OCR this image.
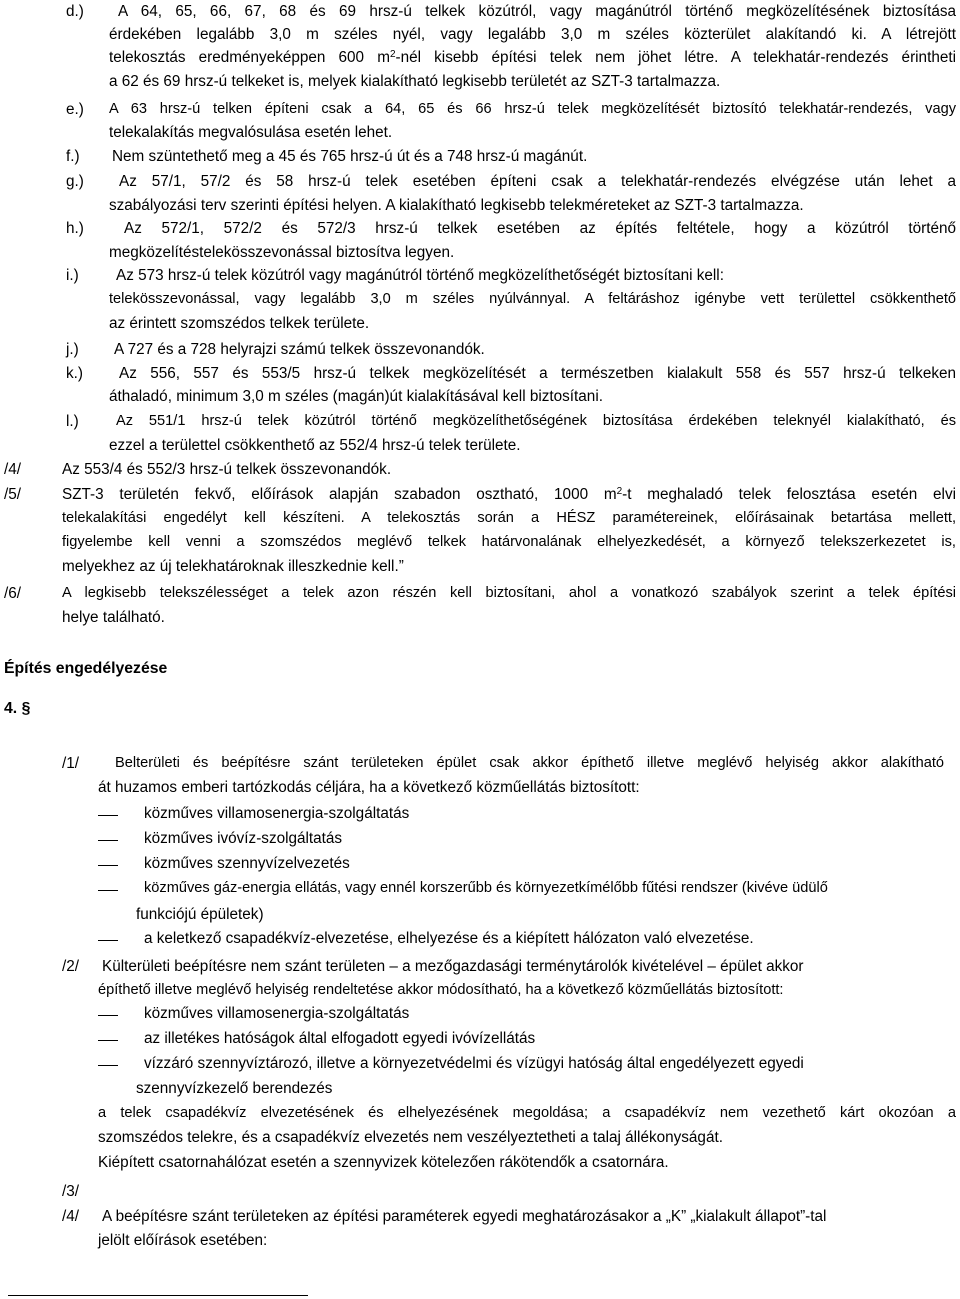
d.) A 64, 65, 66, 67, 68 és 69 hrsz-ú telkek közútról, vagy magánútról történő megközelítésének biztosítása
érdekében legalább 3,0 m széles nyél, vagy legalább 3,0 m széles közterület alakítandó ki. A létrejött
telekosztás eredményeképpen 600 $m^2$-nél kisebb építési telek nem jöhet létre. A telekhatár-rendezés érintheti
a 62 és 69 hrsz-ú telkeket is, melyek kialakítható legkisebb területét az SZT-3 tartalmazza.
e.) A 63 hrsz-ú telken építeni csak a 64, 65 és 66 hrsz-ú telek megközelítését biztosító telekhatár-rendezés, vagy
telekalakítás megvalósulása esetén lehet.
f.) Nem szüntethető meg a 45 és 765 hrsz-ú út és a 748 hrsz-ú magánút.
g.) Az 57/1, 57/2 és 58 hrsz-ú telek esetében építeni csak a telekhatár-rendezés elvégzése után lehet a
szabályozási terv szerinti építési helyen. A kialakítható legkisebb telekméreteket az SZT-3 tartalmazza.
h.)	Az 572/1, 572/2 és 572/3 hrsz-ú telkek esetében az építés feltétele, hogy a közútról történő
megközelítéstelekösszevonással biztosítva legyen.
i.) Az 573 hrsz-ú telek közútról vagy magánútról történő megközelíthetőségét biztosítani kell:
telekösszevonással, vagy legalább 3,0 m széles nyúlvánnyal. A feltáráshoz igénybe vett területtel csökkenthető
az érintett szomszédos telkek területe.
j.) A 727 és a 728 helyrajzi számú telkek összevonandók.
k.) Az 556, 557 és 553/5 hrsz-ú telkek megközelítését a természetben kialakult 558 és 557 hrsz-ú telkeken
áthaladó, minimum 3,0 m széles (magán)út kialakításával kell biztosítani.
l.)	Az 551/1 hrsz-ú telek közútról történő megközelíthetőségének biztosítása érdekében teleknyél kialakítható, és
ezzel a területtel csökkenthető az 552/4 hrsz-ú telek területe.
/4/	Az 553/4 és 552/3 hrsz-ú telkek összevonandók.
/5/	SZT-3 területén fekvő, előírások alapján szabadon osztható, 1000 $m^2-t$ meghaladó telek felosztása esetén elvi
telekalakítási engedélyt kell készíteni. A telekosztás során a HÉSZ paramétereinek, előírásainak betartása mellett,
figyelembe kell venni a szomszédos meglévő telkek határvonalának elhelyezkedését, a környező telekszerkezetet is,
melyekhez az új telekhatároknak illeszkednie kell.”
/6/	A legkisebb telekszélességet a telek azon részén kell biztosítani, ahol a vonatkozó szabályok szerint a telek építési
helye található.
Építés engedélyezése
4. §
/1/ Belterületi és beépítésre szánt területeken épület csak akkor építhető illetve meglévő helyiség akkor alakítható
át huzamos emberi tartózkodás céljára, ha a következő közműellátás biztosított:
közműves villamosenergia-szolgáltatás
közműves ivóvíz-szolgáltatás
közműves szennyvízelvezetés
közműves gáz-energia ellátás, vagy ennél korszerűbb és környezetkímélőbb fűtési rendszer (kivéve üdülő
funkciójú épületek)
a keletkező csapadékvíz-elvezetése, elhelyezése és a kiépített hálózaton való elvezetése.
/2/ Külterületi beépítésre nem szánt területen – a mezőgazdasági terménytárolók kivételével – épület akkor
építhető illetve meglévő helyiség rendeltetése akkor módosítható, ha a következő közműellátás biztosított:
közműves villamosenergia-szolgáltatás
az illetékes hatóságok által elfogadott egyedi ivóvízellátás
vízzáró szennyvíztározó, illetve a környezetvédelmi és vízügyi hatóság által engedélyezett egyedi
szennyvízkezelő berendezés
a telek csapadékvíz elvezetésének és elhelyezésének megoldása; a csapadékvíz nem vezethető kárt okozóan a
szomszédos telekre, és a csapadékvíz elvezetés nem veszélyeztetheti a talaj állékonyságát.
Kiépített csatornahálózat esetén a szennyvizek kötelezően rákötendők a csatornára.
/3/
/4/ A beépítésre szánt területeken az építési paraméterek egyedi meghatározásakor a „K” „kialakult állapot”-tal
jelölt előírások esetében:
